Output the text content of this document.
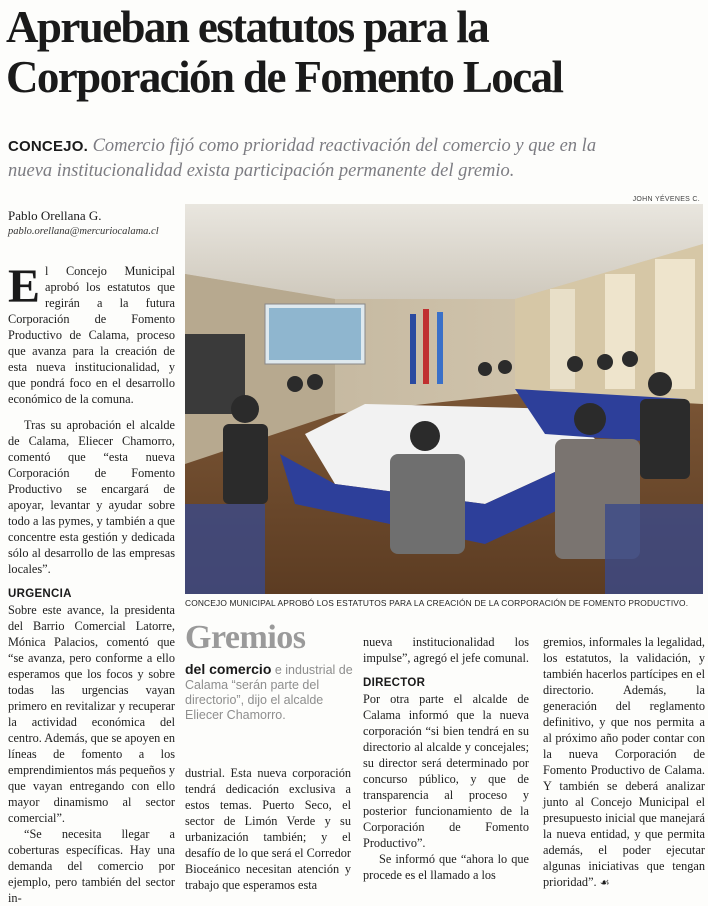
Aprueban estatutos para la
Corporación de Fomento Local
CONCEJO. Comercio fijó como prioridad reactivación del comercio y que en la
nueva institucionalidad exista participación permanente del gremio.
JOHN YÉVENES C.
Pablo Orellana G.
pablo.orellana@mercuriocalama.cl

El Concejo Municipal aprobó los estatutos que regirán a la futura Corporación de Fomento Productivo de Calama, proceso que avanza para la creación de esta nueva institucionalidad, y que pondrá foco en el desarrollo económico de la comuna.

Tras su aprobación el alcalde de Calama, Eliecer Chamorro, comentó que “esta nueva Corporación de Fomento Productivo se encargará de apoyar, levantar y ayudar sobre todo a las pymes, y también a que concentre esta gestión y dedicada sólo al desarrollo de las empresas locales”.

URGENCIA

Sobre este avance, la presidenta del Barrio Comercial Latorre, Mónica Palacios, comentó que “se avanza, pero conforme a ello esperamos que los focos y sobre todas las urgencias vayan primero en revitalizar y recuperar la actividad económica del centro. Además, que se apoyen en líneas de fomento a los emprendimientos más pequeños y que vayan entregando con ello mayor dinamismo al sector comercial”.

“Se necesita llegar a coberturas específicas. Hay una demanda del comercio por ejemplo, pero también del sector in-

CONCEJO MUNICIPAL APROBÓ LOS ESTATUTOS PARA LA CREACIÓN DE LA CORPORACIÓN DE FOMENTO PRODUCTIVO.
Gremios
del comercio e industrial de Calama “serán parte del directorio”, dijo el alcalde Eliecer Chamorro.

dustrial. Esta nueva corporación tendrá dedicación exclusiva a estos temas. Puerto Seco, el sector de Limón Verde y su urbanización también; y el desafío de lo que será el Corredor Bioceánico necesitan atención y trabajo que esperamos esta

nueva institucionalidad los impulse”, agregó el jefe comunal.

DIRECTOR

Por otra parte el alcalde de Calama informó que la nueva corporación “si bien tendrá en su directorio al alcalde y concejales; su director será determinado por concurso público, y que de transparencia al proceso y posterior funcionamiento de la Corporación de Fomento Productivo”.

Se informó que “ahora lo que procede es el llamado a los

gremios, informales la legalidad, los estatutos, la validación, y también hacerlos partícipes en el directorio. Además, la generación del reglamento definitivo, y que nos permita a al próximo año poder contar con la nueva Corporación de Fomento Productivo de Calama. Y también se deberá analizar junto al Concejo Municipal el presupuesto inicial que manejará la nueva entidad, y que permita además, el poder ejecutar algunas iniciativas que tengan prioridad”. ☙
